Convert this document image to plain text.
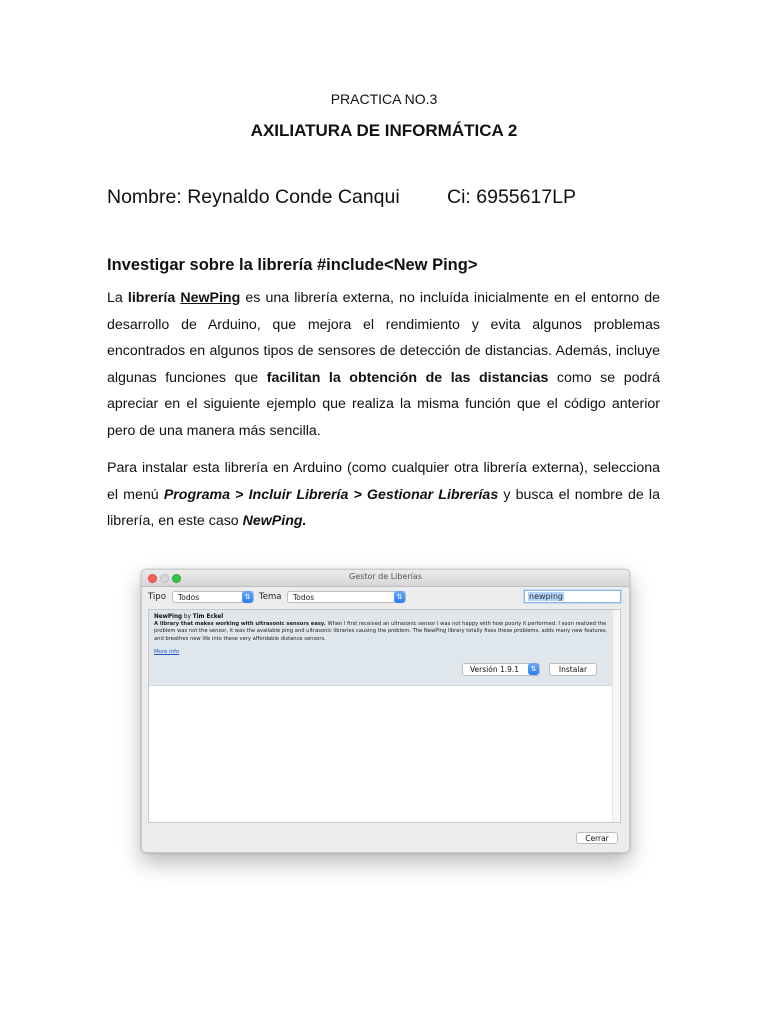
PRACTICA NO.3
AXILIATURA DE INFORMÁTICA 2
Nombre: Reynaldo Conde Canqui Ci: 6955617LP
Investigar sobre la librería #include<New Ping>
La librería NewPing es una librería externa, no incluída inicialmente en el entorno de desarrollo de Arduino, que mejora el rendimiento y evita algunos problemas encontrados en algunos tipos de sensores de detección de distancias. Además, incluye algunas funciones que facilitan la obtención de las distancias como se podrá apreciar en el siguiente ejemplo que realiza la misma función que el código anterior pero de una manera más sencilla.
Para instalar esta librería en Arduino (como cualquier otra librería externa), selecciona el menú Programa > Incluir Librería > Gestionar Librerías y busca el nombre de la librería, en este caso NewPing.
Gestor de Liberías
Tipo	Todos	⇅	Tema	Todos	⇅	newping
NewPing by Tim Eckel
A library that makes working with ultrasonic sensors easy. When I first received an ultrasonic sensor I was not happy with how poorly it performed. I soon realized the problem was not the sensor, it was the available ping and ultrasonic libraries causing the problem. The NewPing library totally fixes these problems, adds many new features, and breathes new life into these very affordable distance sensors.
More info
Versión 1.9.1	⇅	Instalar
Cerrar
